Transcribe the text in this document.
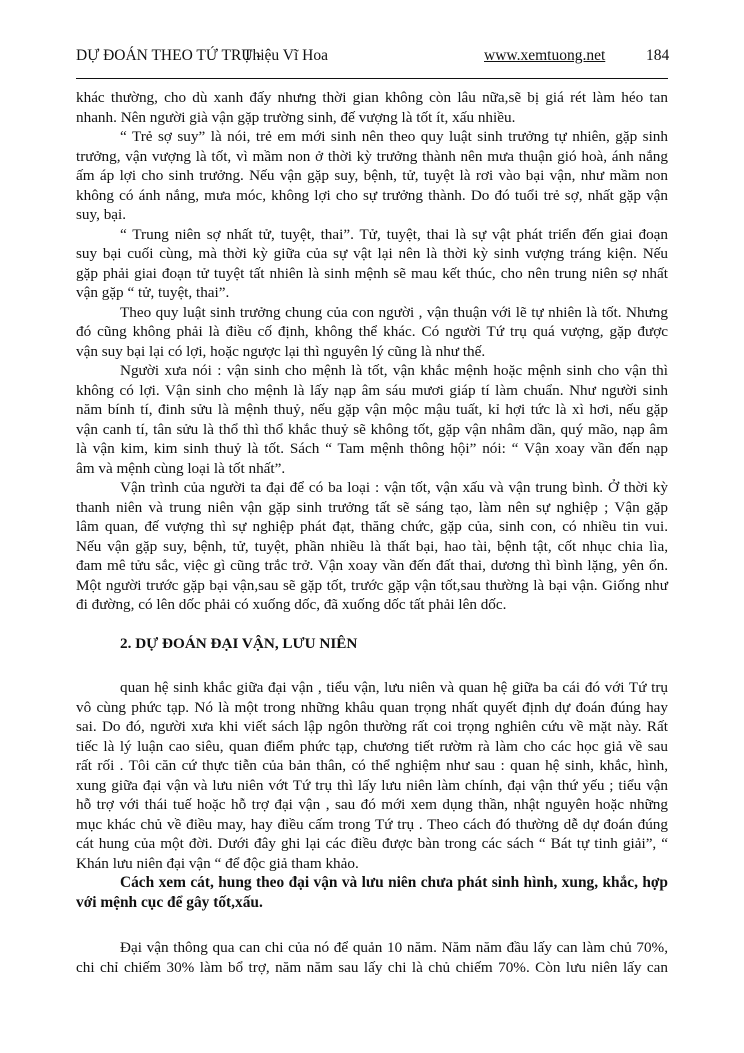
DỰ ĐOÁN THEO TỨ TRỤ -
Thiệu Vĩ Hoa	www.xemtuong.net	184
khác thường, cho dù xanh đấy nhưng thời gian không còn lâu nữa,sẽ bị giá rét làm héo tan
nhanh. Nên người già vận gặp trường sinh, đế vượng là tốt ít, xấu nhiều.
“ Trẻ sợ suy” là nói, trẻ em mới sinh nên theo quy luật sinh trưởng tự nhiên, gặp sinh
trưởng, vận vượng là tốt, vì mầm non ở thời kỳ trưởng thành nên mưa thuận gió hoà, ánh nắng
ấm áp lợi cho sinh trưởng. Nếu vận gặp suy, bệnh, tử, tuyệt là rơi vào bại vận, như mầm non
không có ánh nắng, mưa móc, không lợi cho sự trưởng thành. Do đó tuổi trẻ sợ, nhất gặp vận
suy, bại.
“ Trung niên sợ nhất tử, tuyệt, thai”. Tử, tuyệt, thai là sự vật phát triển đến giai đoạn
suy bại cuối cùng, mà thời kỳ giữa của sự vật lại nên là thời kỳ sinh vượng tráng kiện. Nếu
gặp phải giai đoạn tử tuyệt tất nhiên là sinh mệnh sẽ mau kết thúc, cho nên trung niên sợ nhất
vận gặp “ tử, tuyệt, thai”.
Theo quy luật sinh trưởng chung của con người , vận thuận với lẽ tự nhiên là tốt. Nhưng
đó cũng không phải là điều cố định, không thể khác. Có người Tứ trụ quá vượng, gặp được
vận suy bại lại có lợi, hoặc ngược lại thì nguyên lý cũng là như thế.
Người xưa nói : vận sinh cho mệnh là tốt, vận khắc mệnh hoặc mệnh sinh cho vận thì
không có lợi. Vận sinh cho mệnh là lấy nạp âm sáu mươi giáp tí làm chuẩn. Như người sinh
năm bính tí, đinh sửu là mệnh thuỷ, nếu gặp vận mộc mậu tuất, kỉ hợi tức là xì hơi, nếu gặp
vận canh tí, tân sửu là thổ thì thổ khắc thuỷ sẽ không tốt, gặp vận nhâm dần, quý mão, nạp âm
là vận kim, kim sinh thuỷ là tốt. Sách “ Tam mệnh thông hội” nói: “ Vận xoay vần đến nạp
âm và mệnh cùng loại là tốt nhất”.
Vận trình của người ta đại để có ba loại : vận tốt, vận xấu và vận trung bình. Ở thời kỳ
thanh niên và trung niên vận gặp sinh trưởng tất sẽ sáng tạo, làm nên sự nghiệp ; Vận gặp
lâm quan, đế vượng thì sự nghiệp phát đạt, thăng chức, gặp của, sinh con, có nhiều tin vui.
Nếu vận gặp suy, bệnh, tử, tuyệt, phần nhiều là thất bại, hao tài, bệnh tật, cốt nhục chia lìa,
đam mê tửu sắc, việc gì cũng trắc trở. Vận xoay vần đến đất thai, dương thì bình lặng, yên ổn.
Một người trước gặp bại vận,sau sẽ gặp tốt, trước gặp vận tốt,sau thường là bại vận. Giống như
đi đường, có lên dốc phải có xuống dốc, đã xuống dốc tất phải lên dốc.
2. DỰ ĐOÁN ĐẠI VẬN, LƯU NIÊN
quan hệ sinh khắc giữa đại vận , tiểu vận, lưu niên và quan hệ giữa ba cái đó với Tứ trụ
vô cùng phức tạp. Nó là một trong những khâu quan trọng nhất quyết định dự đoán đúng hay
sai. Do đó, người xưa khi viết sách lập ngôn thường rất coi trọng nghiên cứu về mặt này. Rất
tiếc là lý luận cao siêu, quan điểm phức tạp, chương tiết rườm rà làm cho các học giả về sau
rất rối . Tôi căn cứ thực tiễn của bản thân, có thể nghiệm như sau : quan hệ sinh, khắc, hình,
xung giữa đại vận và lưu niên vớt Tứ trụ thì lấy lưu niên làm chính, đại vận thứ yếu ; tiểu vận
hỗ trợ với thái tuế hoặc hỗ trợ đại vận , sau đó mới xem dụng thần, nhật nguyên hoặc những
mục khác chủ về điều may, hay điều cấm trong Tứ trụ . Theo cách đó thường dễ dự đoán đúng
cát hung của một đời. Dưới đây ghi lại các điều được bàn trong các sách “ Bát tự tinh giải”, “
Khán lưu niên đại vận “ để độc giả tham khảo.
Cách xem cát, hung theo đại vận và lưu niên chưa phát sinh hình, xung, khắc, hợp
với mệnh cục để gây tốt,xấu.
Đại vận thông qua can chi của nó để quản 10 năm. Năm năm đầu lấy can làm chủ 70%,
chi chỉ chiếm 30% làm bổ trợ, năm năm sau lấy chi là chủ chiếm 70%. Còn lưu niên lấy can
